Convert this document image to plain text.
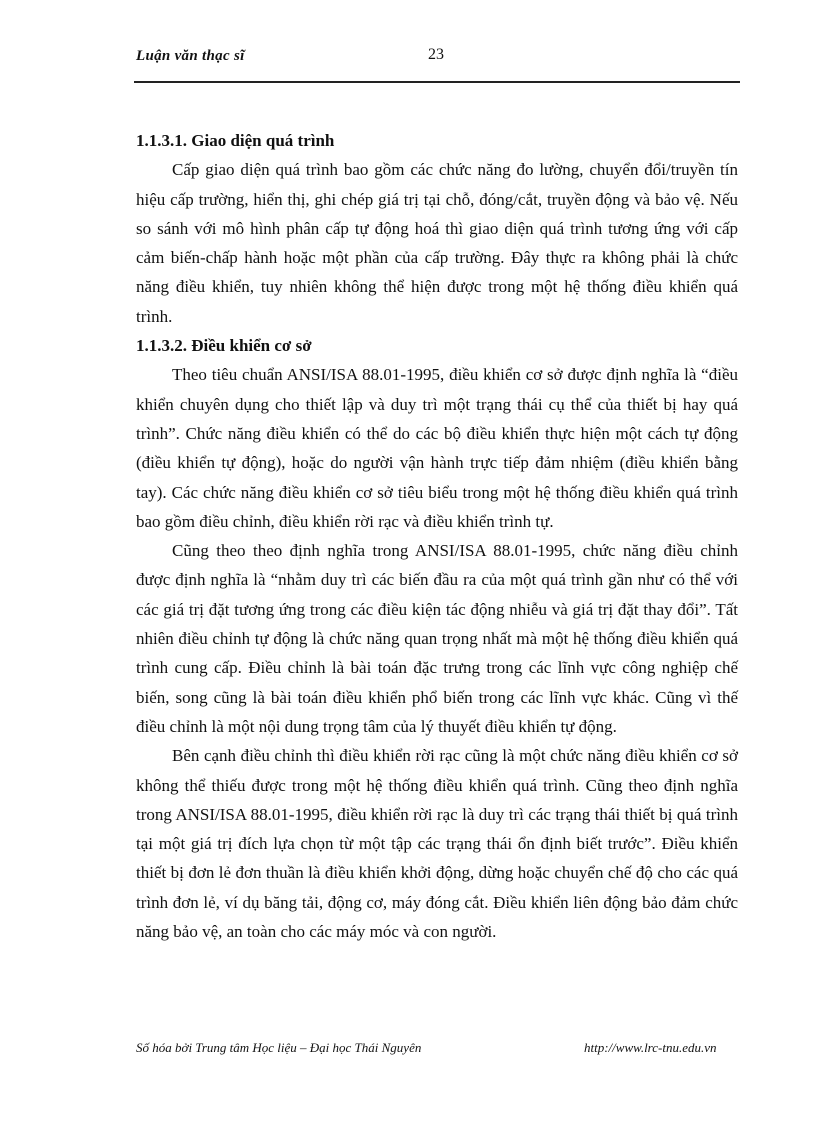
Luận văn thạc sĩ	23

1.1.3.1. Giao diện quá trình

Cấp giao diện quá trình bao gồm các chức năng đo lường, chuyển đổi/truyền tín hiệu cấp trường, hiển thị, ghi chép giá trị tại chỗ, đóng/cắt, truyền động và bảo vệ. Nếu so sánh với mô hình phân cấp tự động hoá thì giao diện quá trình tương ứng với cấp cảm biến-chấp hành hoặc một phần của cấp trường. Đây thực ra không phải là chức năng điều khiển, tuy nhiên không thể hiện được trong một hệ thống điều khiển quá trình.

1.1.3.2. Điều khiển cơ sở

Theo tiêu chuẩn ANSI/ISA 88.01-1995, điều khiển cơ sở được định nghĩa là “điều khiển chuyên dụng cho thiết lập và duy trì một trạng thái cụ thể của thiết bị hay quá trình”. Chức năng điều khiển có thể do các bộ điều khiển thực hiện một cách tự động (điều khiển tự động), hoặc do người vận hành trực tiếp đảm nhiệm (điều khiển bằng tay). Các chức năng điều khiển cơ sở tiêu biểu trong một hệ thống điều khiển quá trình bao gồm điều chỉnh, điều khiển rời rạc và điều khiển trình tự.

Cũng theo theo định nghĩa trong ANSI/ISA 88.01-1995, chức năng điều chỉnh được định nghĩa là “nhằm duy trì các biến đầu ra của một quá trình gần như có thể với các giá trị đặt tương ứng trong các điều kiện tác động nhiễu và giá trị đặt thay đổi”. Tất nhiên điều chỉnh tự động là chức năng quan trọng nhất mà một hệ thống điều khiển quá trình cung cấp. Điều chỉnh là bài toán đặc trưng trong các lĩnh vực công nghiệp chế biến, song cũng là bài toán điều khiển phổ biến trong các lĩnh vực khác. Cũng vì thế điều chỉnh là một nội dung trọng tâm của lý thuyết điều khiển tự động.

Bên cạnh điều chỉnh thì điều khiển rời rạc cũng là một chức năng điều khiển cơ sở không thể thiếu được trong một hệ thống điều khiển quá trình. Cũng theo định nghĩa trong ANSI/ISA 88.01-1995, điều khiển rời rạc là duy trì các trạng thái thiết bị quá trình tại một giá trị đích lựa chọn từ một tập các trạng thái ổn định biết trước”. Điều khiển thiết bị đơn lẻ đơn thuần là điều khiển khởi động, dừng hoặc chuyển chế độ cho các quá trình đơn lẻ, ví dụ băng tải, động cơ, máy đóng cắt. Điều khiển liên động bảo đảm chức năng bảo vệ, an toàn cho các máy móc và con người.

Số hóa bởi Trung tâm Học liệu – Đại học Thái Nguyên	http://www.lrc-tnu.edu.vn
